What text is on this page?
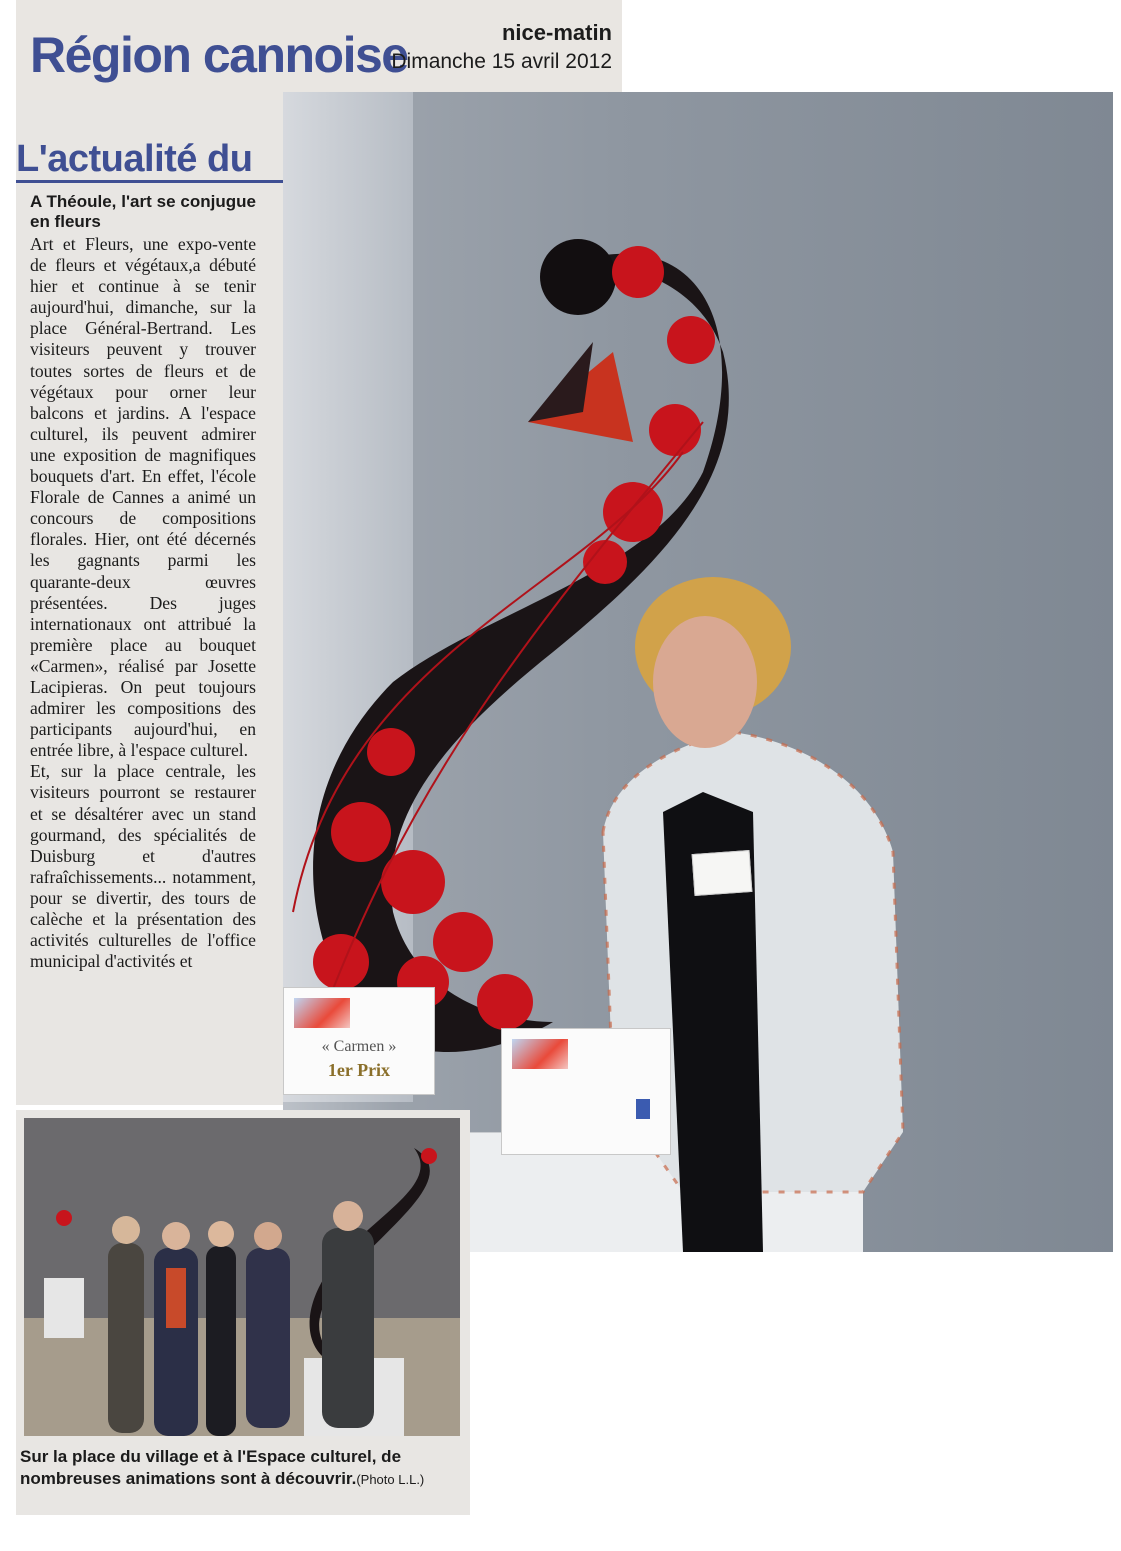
Région cannoise	nice-matin
Dimanche 15 avril 2012
L'actualité du
A Théoule, l'art se conjugue en fleurs

Art et Fleurs, une expo-vente de fleurs et végétaux,a débuté hier et continue à se tenir aujourd'hui, dimanche, sur la place Général-Bertrand. Les visiteurs peuvent y trouver toutes sortes de fleurs et de végétaux pour orner leur balcons et jardins. A l'espace culturel, ils peuvent admirer une exposition de magnifiques bouquets d'art. En effet, l'école Florale de Cannes a animé un concours de compositions florales. Hier, ont été décernés les gagnants parmi les quarante-deux œuvres présentées. Des juges internationaux ont attribué la première place au bouquet «Carmen», réalisé par Josette Lacipieras. On peut toujours admirer les compositions des participants aujourd'hui, en entrée libre, à l'espace culturel.

Et, sur la place centrale, les visiteurs pourront se restaurer et se désaltérer avec un stand gourmand, des spécialités de Duisburg et d'autres rafraîchissements... notamment, pour se divertir, des tours de calèche et la présentation des activités culturelles de l'office municipal d'activités et

« Carmen »
1er Prix
Sur la place du village et à l'Espace culturel, de nombreuses animations sont à découvrir.(Photo L.L.)
